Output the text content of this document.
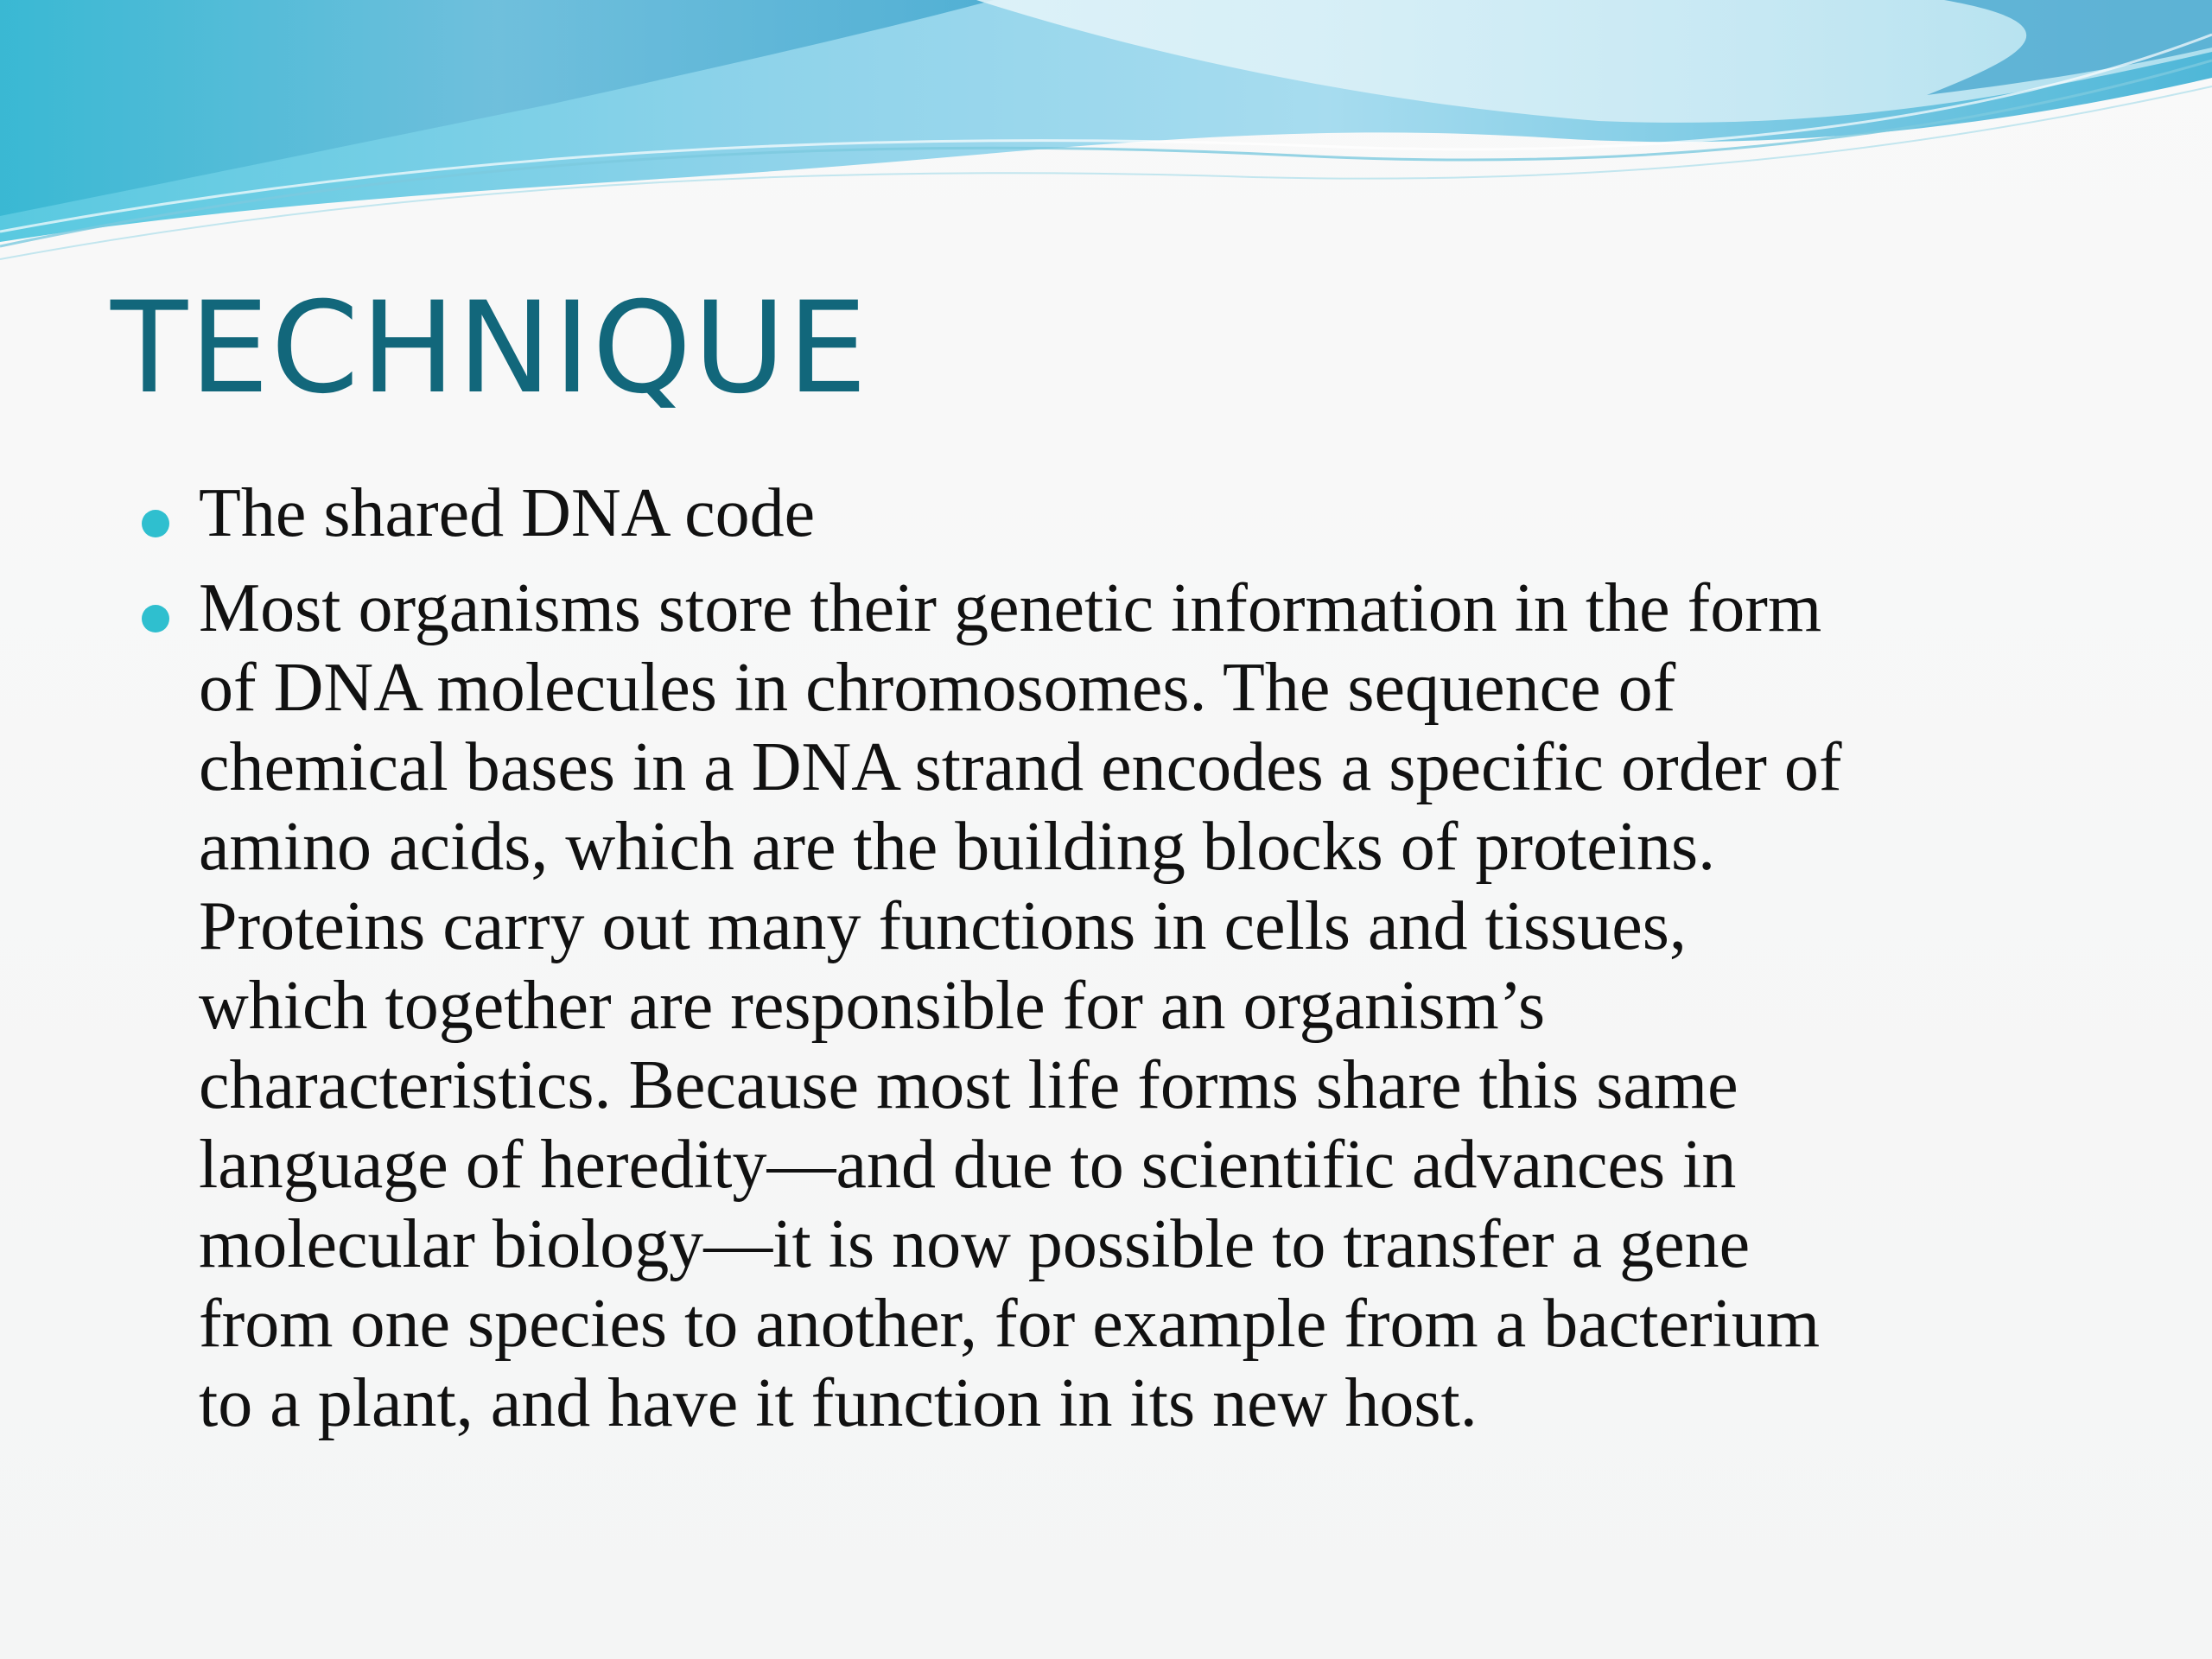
TECHNIQUE
The shared DNA code
Most organisms store their genetic information in the form
of DNA molecules in chromosomes. The sequence of
chemical bases in a DNA strand encodes a specific order of
amino acids, which are the building blocks of proteins.
Proteins carry out many functions in cells and tissues,
which together are responsible for an organism’s
characteristics. Because most life forms share this same
language of heredity—and due to scientific advances in
molecular biology—it is now possible to transfer a gene
from one species to another, for example from a bacterium
to a plant, and have it function in its new host.
